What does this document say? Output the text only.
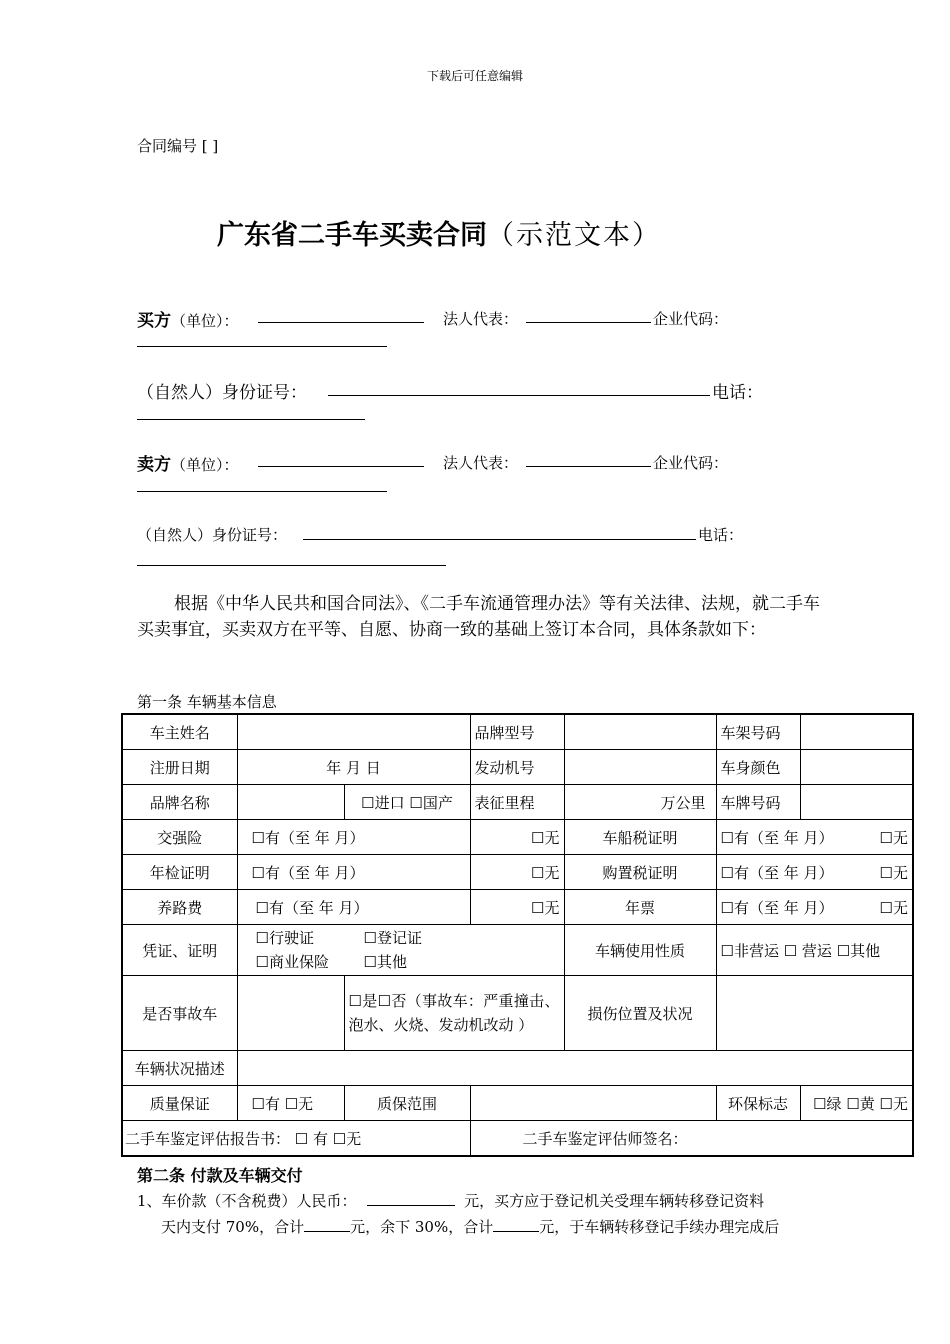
下载后可任意编辑
合同编号 [ ]
广东省二手车买卖合同（示范文本）
买方（单位）：	法人代表：	企业代码：
（自然人）身份证号：	电话：
卖方（单位）：	法人代表：	企业代码：
（自然人）身份证号：	电话：
根据《中华人民共和国合同法》、《二手车流通管理办法》等有关法律、法规，就二手车买卖事宜，买卖双方在平等、自愿、协商一致的基础上签订本合同，具体条款如下：
第一条 车辆基本信息
车主姓名			品牌型号		车架号码	
注册日期	年 月 日		发动机号		车身颜色	
品牌名称		☐进口 ☐国产	表征里程	万公里	车牌号码	
交强险	☐有（至 年 月）		☐无	车船税证明	☐有（至 年 月） ☐无	

年检证明	☐有（至 年 月）		☐无	购置税证明	☐有（至 年 月） ☐无	

养路费	☐有（至 年 月）		☐无	年票	☐有（至 年 月） ☐无	

凭证、证明	☐行驶证 ☐登记证
☐商业保险 ☐其他			车辆使用性质	☐非营运 ☐ 营运 ☐其他	
是否事故车		☐是☐否（事故车：严重撞击、泡水、火烧、发动机改动 ）		损伤位置及状况		
车辆状况描述						
质量保证	☐有 ☐无	质保范围			环保标志	☐绿 ☐黄 ☐无
二手车鉴定评估报告书： ☐ 有 ☐无			二手车鉴定评估师签名：			
第二条 付款及车辆交付
1、车价款（不含税费）人民币：	元，买方应于登记机关受理车辆转移登记资料
天内支付 70%，合计	元，余下 30%，合计	元，于车辆转移登记手续办理完成后
